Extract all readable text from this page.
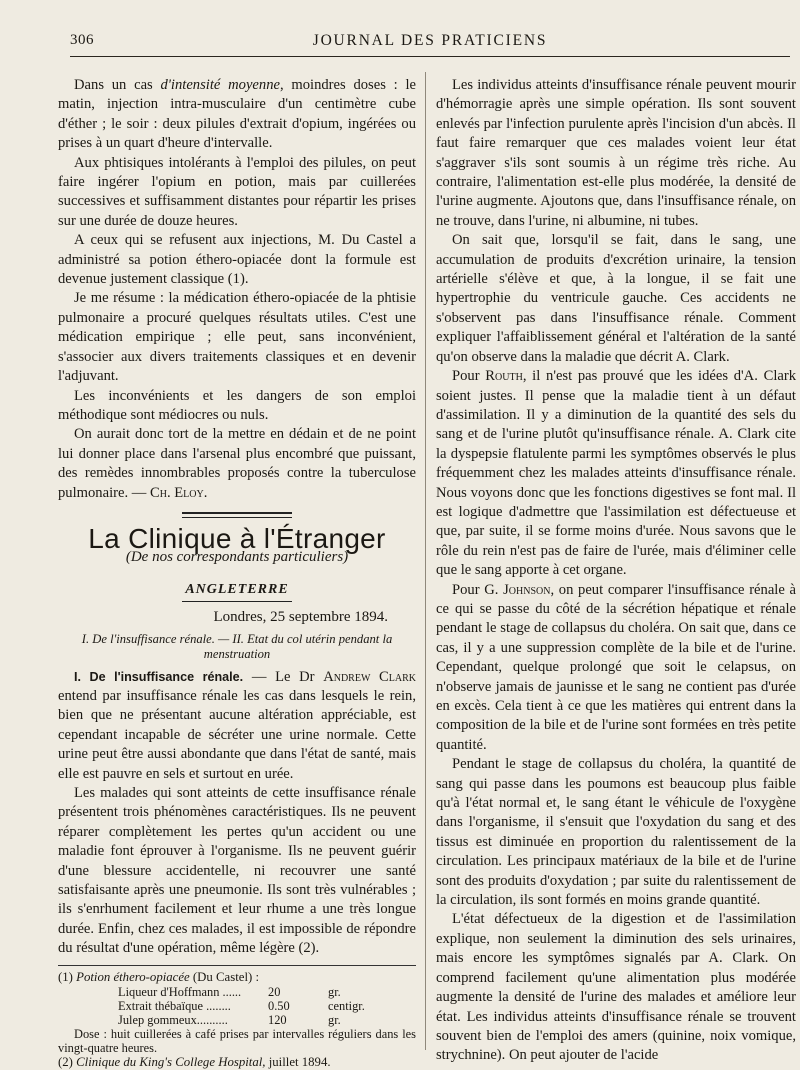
306	JOURNAL DES PRATICIENS

Dans un cas d'intensité moyenne, moindres doses : le matin, injection intra-musculaire d'un centimètre cube d'éther ; le soir : deux pilules d'extrait d'opium, ingérées ou prises à un quart d'heure d'intervalle.

Aux phtisiques intolérants à l'emploi des pilules, on peut faire ingérer l'opium en potion, mais par cuillerées successives et suffisamment distantes pour répartir les prises sur une durée de douze heures.

A ceux qui se refusent aux injections, M. Du Castel a administré sa potion éthero-opiacée dont la formule est devenue justement classique (1).

Je me résume : la médication éthero-opiacée de la phtisie pulmonaire a procuré quelques résultats utiles. C'est une médication empirique ; elle peut, sans inconvénient, s'associer aux divers traitements classiques et en devenir l'adjuvant.

Les inconvénients et les dangers de son emploi méthodique sont médiocres ou nuls.

On aurait donc tort de la mettre en dédain et de ne point lui donner place dans l'arsenal plus encombré que puissant, des remèdes innombrables proposés contre la tuberculose pulmonaire. — Ch. Eloy.

La Clinique à l'Étranger
(De nos correspondants particuliers)
ANGLETERRE
Londres, 25 septembre 1894.
I. De l'insuffisance rénale. — II. Etat du col utérin pendant la menstruation

I. De l'insuffisance rénale. — Le Dr Andrew Clark entend par insuffisance rénale les cas dans lesquels le rein, bien que ne présentant aucune altération appréciable, est cependant incapable de sécréter une urine normale. Cette urine peut être aussi abondante que dans l'état de santé, mais elle est pauvre en sels et surtout en urée.

Les malades qui sont atteints de cette insuffisance rénale présentent trois phénomènes caractéristiques. Ils ne peuvent réparer complètement les pertes qu'un accident ou une maladie font éprouver à l'organisme. Ils ne peuvent guérir d'une blessure accidentelle, ni recouvrer une santé satisfaisante après une pneumonie. Ils sont très vulnérables ; ils s'enrhument facilement et leur rhume a une très longue durée. Enfin, chez ces malades, il est impossible de répondre du résultat d'une opération, même légère (2).

(1) Potion éthero-opiacée (Du Castel) :

Liqueur d'Hoffmann ......	20	gr.
Extrait thébaïque ........	0.50	centigr.
Julep gommeux..........	120	gr.

Dose : huit cuillerées à café prises par intervalles réguliers dans les vingt-quatre heures.

(2) Clinique du King's College Hospital, juillet 1894.

Les individus atteints d'insuffisance rénale peuvent mourir d'hémorragie après une simple opération. Ils sont souvent enlevés par l'infection purulente après l'incision d'un abcès. Il faut faire remarquer que ces malades voient leur état s'aggraver s'ils sont soumis à un régime très riche. Au contraire, l'alimentation est-elle plus modérée, la densité de l'urine augmente. Ajoutons que, dans l'insuffisance rénale, on ne trouve, dans l'urine, ni albumine, ni tubes.

On sait que, lorsqu'il se fait, dans le sang, une accumulation de produits d'excrétion urinaire, la tension artérielle s'élève et que, à la longue, il se fait une hypertrophie du ventricule gauche. Ces accidents ne s'observent pas dans l'insuffisance rénale. Comment expliquer l'affaiblissement général et l'altération de la santé qu'on observe dans la maladie que décrit A. Clark.

Pour Routh, il n'est pas prouvé que les idées d'A. Clark soient justes. Il pense que la maladie tient à un défaut d'assimilation. Il y a diminution de la quantité des sels du sang et de l'urine plutôt qu'insuffisance rénale. A. Clark cite la dyspepsie flatulente parmi les symptômes observés le plus fréquemment chez les malades atteints d'insuffisance rénale. Nous voyons donc que les fonctions digestives se font mal. Il est logique d'admettre que l'assimilation est défectueuse et que, par suite, il se forme moins d'urée. Nous savons que le rôle du rein n'est pas de faire de l'urée, mais d'éliminer celle que le sang apporte à cet organe.

Pour G. Johnson, on peut comparer l'insuffisance rénale à ce qui se passe du côté de la sécrétion hépatique et rénale pendant le stage de collapsus du choléra. On sait que, dans ce cas, il y a une suppression complète de la bile et de l'urine. Cependant, quelque prolongé que soit le celapsus, on n'observe jamais de jaunisse et le sang ne contient pas d'urée en excès. Cela tient à ce que les matières qui entrent dans la composition de la bile et de l'urine sont formées en très petite quantité.

Pendant le stage de collapsus du choléra, la quantité de sang qui passe dans les poumons est beaucoup plus faible qu'à l'état normal et, le sang étant le véhicule de l'oxygène dans l'organisme, il s'ensuit que l'oxydation du sang et des tissus est diminuée en proportion du ralentissement de la circulation. Les principaux matériaux de la bile et de l'urine sont des produits d'oxydation ; par suite du ralentissement de la circulation, ils sont formés en moins grande quantité.

L'état défectueux de la digestion et de l'assimilation explique, non seulement la diminution des sels urinaires, mais encore les symptômes signalés par A. Clark. On comprend facilement qu'une alimentation plus modérée augmente la densité de l'urine des malades et améliore leur état. Les individus atteints d'insuffisance rénale se trouvent souvent bien de l'emploi des amers (quinine, noix vomique, strychnine). On peut ajouter de l'acide
